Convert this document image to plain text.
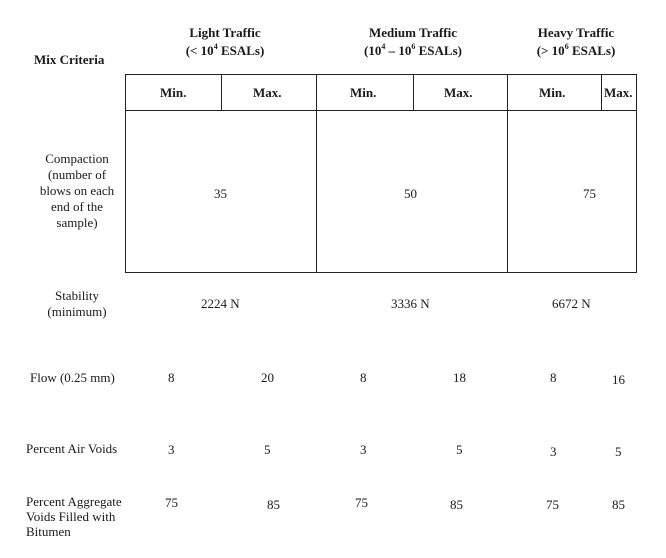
Mix Criteria
Light Traffic
(< $10^4$ ESALs)
Medium Traffic
($10^4 - 10^6$ ESALs)
Heavy Traffic
(> $10^6$ ESALs)
Min.	Max.	Min.	Max.	Min.	Max.
Compaction
(number of
blows on each
end of the
sample)
35	50	75
Stability
(minimum)
2224 N	3336 N	6672 N
Flow (0.25 mm)	8	20	8	18	8	16
Percent Air Voids	3	5	3	5	3	5
Percent Aggregate
Voids Filled with
Bitumen
75	85	75	85	75	85
